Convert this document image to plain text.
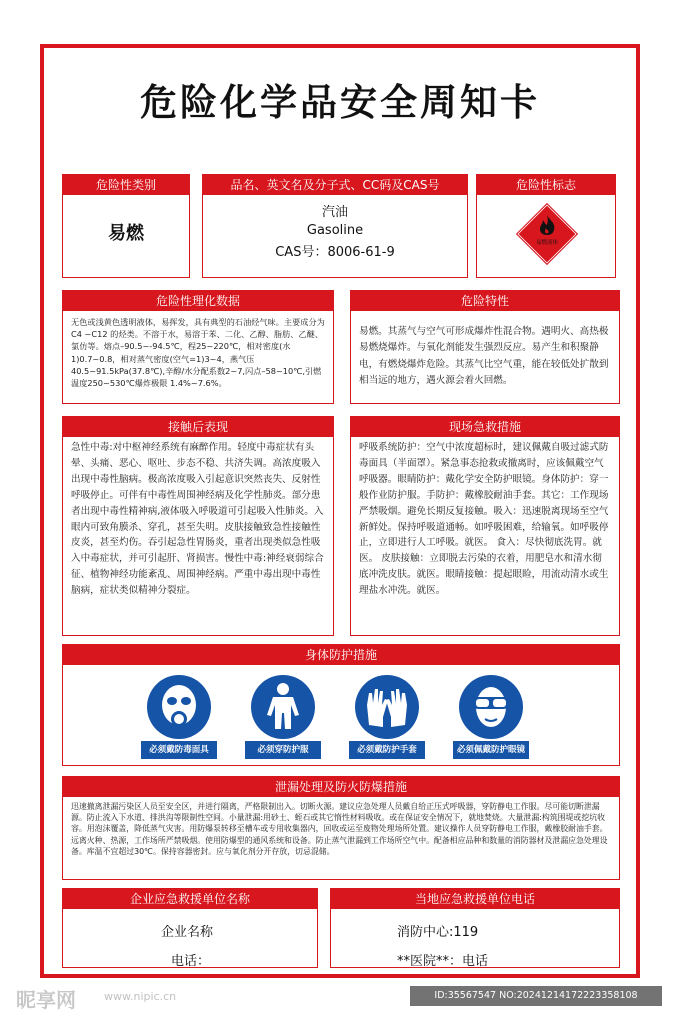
危险化学品安全周知卡
危险性类别
易燃
品名、英文名及分子式、CC码及CAS号
汽油
Gasoline
CAS号：8006-61-9
危险性标志
易燃液体
危险性理化数据
无色或浅黄色透明液体，易挥发，具有典型的石油烃气味。主要成分为 C4 ~C12 的烃类。不溶于水，易溶于苯、二化、乙醇、脂肪、乙醚、氯仿等。熔点–90.5~-94.5℃，程25~220℃，相对密度(水1)0.7~0.8，相对蒸气密度(空气=1)3~4，燕气压40.5~91.5kPa(37.8℃),辛醇/水分配系数2~7,闪点–58~10℃,引燃温度250~530℃爆炸极限 1.4%~7.6%。
危险特性
易燃。其蒸气与空气可形成爆炸性混合物。遇明火、高热极易燃烧爆炸。与氧化剂能发生强烈反应。易产生和积聚静电，有燃烧爆炸危险。其蒸气比空气重，能在较低处扩散到相当远的地方，遇火源会着火回燃。
接触后表现
急性中毒:对中枢神经系统有麻醉作用。轻度中毒症状有头晕、头痛、恶心、呕吐、步态不稳、共济失调。高浓度吸入出现中毒性脑病。极高浓度吸入引起意识突然丧失、反射性呼吸停止。可伴有中毒性周围神经病及化学性肺炎。部分患者出现中毒性精神病,液体吸入呼吸道可引起吸入性肺炎。入眼内可致角膜杀、穿孔，甚至失明。皮肤接触致急性接触性皮炎，甚至灼伤。吞引起急性胃肠炎，重者出现类似急性吸入中毒症状，并可引起肝、肾损害。慢性中毒:神经衰弱综合征、植物神经功能紊乱、周围神经病。严重中毒出现中毒性脑病，症状类似精神分裂症。
现场急救措施
呼吸系统防护：空气中浓度超标时，建议佩戴自吸过滤式防毒面具（半面罩）。紧急事态抢救或撤离时，应该佩戴空气呼吸器。眼睛防护：戴化学安全防护眼镜。身体防护：穿一般作业防护服。手防护：戴橡胶耐油手套。其它：工作现场严禁吸烟。避免长期反复接触。吸入：迅速脱离现场至空气新鲜处。保持呼吸道通畅。如呼吸困难，给输氧。如呼吸停止，立即进行人工呼吸。就医。 食入：尽快彻底洗胃。就医。 皮肤接触：立即脱去污染的衣着，用肥皂水和清水彻底冲洗皮肤。就医。眼睛接触：提起眼睑，用流动清水或生理盐水冲洗。就医。
身体防护措施
必须戴防毒面具	必须穿防护服	必须戴防护手套	必须佩戴防护眼镜
泄漏处理及防火防爆措施
迅速撤离泄漏污染区人员至安全区，并进行隔离，严格限制出入。切断火源。建议应急处理人员戴自给正压式呼吸器，穿防静电工作服。尽可能切断泄漏源。防止流入下水道、排洪沟等限制性空间。小量泄漏:用砂土、蛭石或其它惰性材料吸收。或在保证安全情况下，就地焚烧。大量泄漏:构筑围堤或挖坑收容。用泡沫覆盖，降低蒸气灾害。用防爆泵转移至槽车或专用收集器内，回收或运至废物处理场所处置。建议操作人员穿防静电工作服，戴橡胶耐油手套。远离火种、热源，工作场所严禁吸烟。使用防爆型的通风系统和设备。防止蒸气泄漏到工作场所空气中。配备相应品种和数量的消防器材及泄漏应急处理设备。库温不宜超过30℃。保持容器密封。应与氧化剂分开存放，切忌混储。
企业应急救援单位名称
企业名称
电话：
当地应急救援单位电话
消防中心:119
**医院**：电话
ID:35567547 NO:20241214172223358108
昵享网	www.nipic.cn
